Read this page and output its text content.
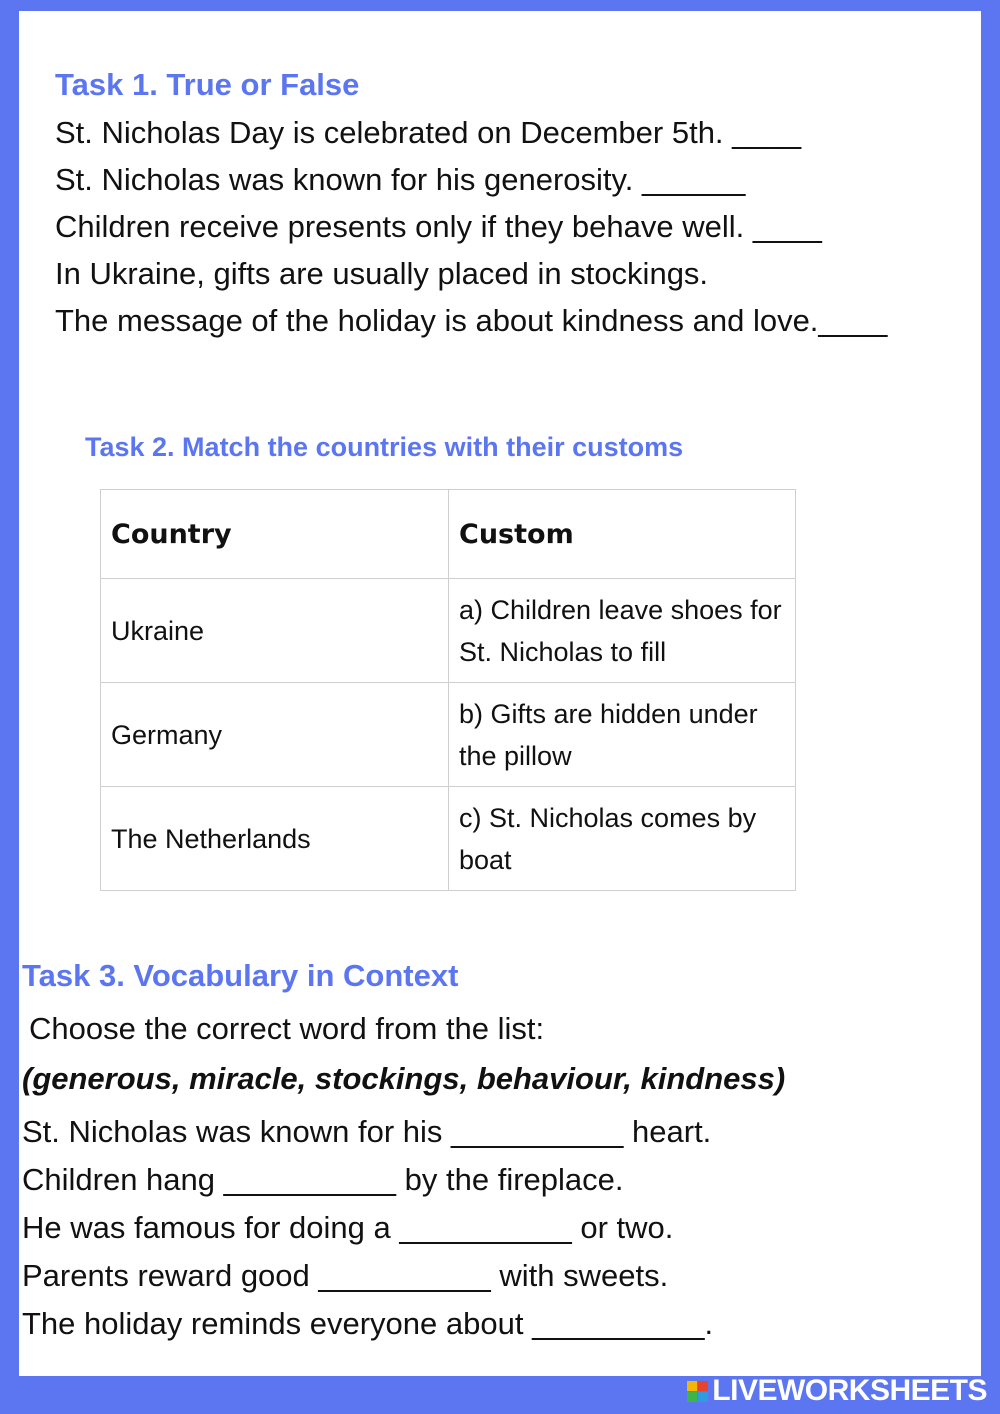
Task 1. True or False
St. Nicholas Day is celebrated on December 5th. ____
St. Nicholas was known for his generosity. ______
Children receive presents only if they behave well. ____
In Ukraine, gifts are usually placed in stockings.
The message of the holiday is about kindness and love.____
Task 2. Match the countries with their customs
Country	Custom
Ukraine	a) Children leave shoes for St. Nicholas to fill
Germany	b) Gifts are hidden under the pillow
The Netherlands	c) St. Nicholas comes by boat
Task 3. Vocabulary in Context
Choose the correct word from the list:
(generous, miracle, stockings, behaviour, kindness)
St. Nicholas was known for his __________ heart.
Children hang __________ by the fireplace.
He was famous for doing a __________ or two.
Parents reward good __________ with sweets.
The holiday reminds everyone about __________.
LIVEWORKSHEETS
